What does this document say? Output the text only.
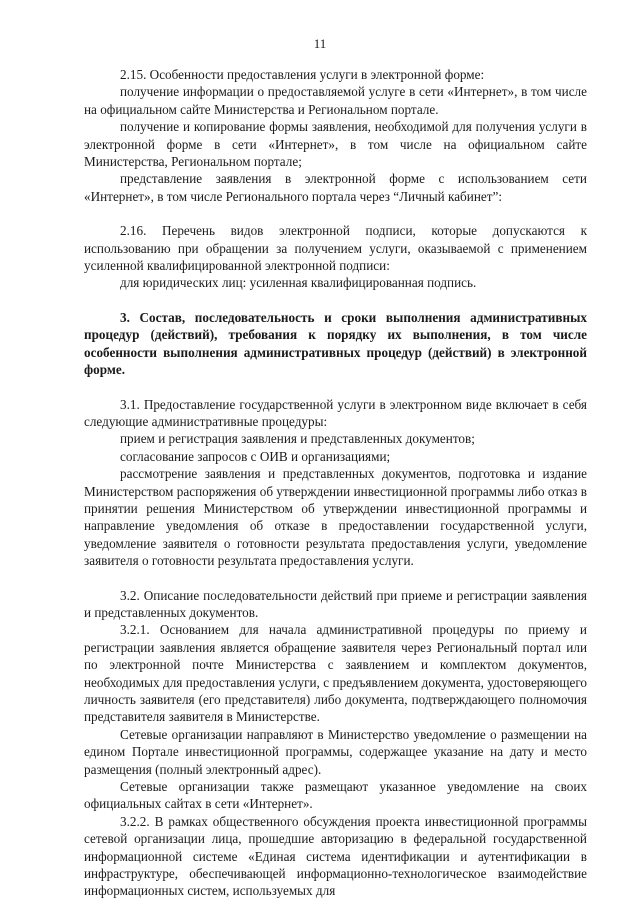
11

2.15. Особенности предоставления услуги в электронной форме:

получение информации о предоставляемой услуге в сети «Интернет», в том числе на официальном сайте Министерства и Региональном портале.

получение и копирование формы заявления, необходимой для получения услуги в электронной форме в сети «Интернет», в том числе на официальном сайте Министерства, Региональном портале;

представление заявления в электронной форме с использованием сети «Интернет», в том числе Регионального портала через “Личный кабинет”:

2.16. Перечень видов электронной подписи, которые допускаются к использованию при обращении за получением услуги, оказываемой с применением усиленной квалифицированной электронной подписи:

для юридических лиц: усиленная квалифицированная подпись.

3. Состав, последовательность и сроки выполнения административных процедур (действий), требования к порядку их выполнения, в том числе особенности выполнения административных процедур (действий) в электронной форме.

3.1. Предоставление государственной услуги в электронном виде включает в себя следующие административные процедуры:

прием и регистрация заявления и представленных документов;

согласование запросов с ОИВ и организациями;

рассмотрение заявления и представленных документов, подготовка и издание Министерством распоряжения об утверждении инвестиционной программы либо отказ в принятии решения Министерством об утверждении инвестиционной программы и направление уведомления об отказе в предоставлении государственной услуги, уведомление заявителя о готовности результата предоставления услуги, уведомление заявителя о готовности результата предоставления услуги.

3.2. Описание последовательности действий при приеме и регистрации заявления и представленных документов.

3.2.1. Основанием для начала административной процедуры по приему и регистрации заявления является обращение заявителя через Региональный портал или по электронной почте Министерства с заявлением и комплектом документов, необходимых для предоставления услуги, с предъявлением документа, удостоверяющего личность заявителя (его представителя) либо документа, подтверждающего полномочия представителя заявителя в Министерстве.

Сетевые организации направляют в Министерство уведомление о размещении на едином Портале инвестиционной программы, содержащее указание на дату и место размещения (полный электронный адрес).

Сетевые организации также размещают указанное уведомление на своих официальных сайтах в сети «Интернет».

3.2.2. В рамках общественного обсуждения проекта инвестиционной программы сетевой организации лица, прошедшие авторизацию в федеральной государственной информационной системе «Единая система идентификации и аутентификации в инфраструктуре, обеспечивающей информационно-технологическое взаимодействие информационных систем, используемых для
